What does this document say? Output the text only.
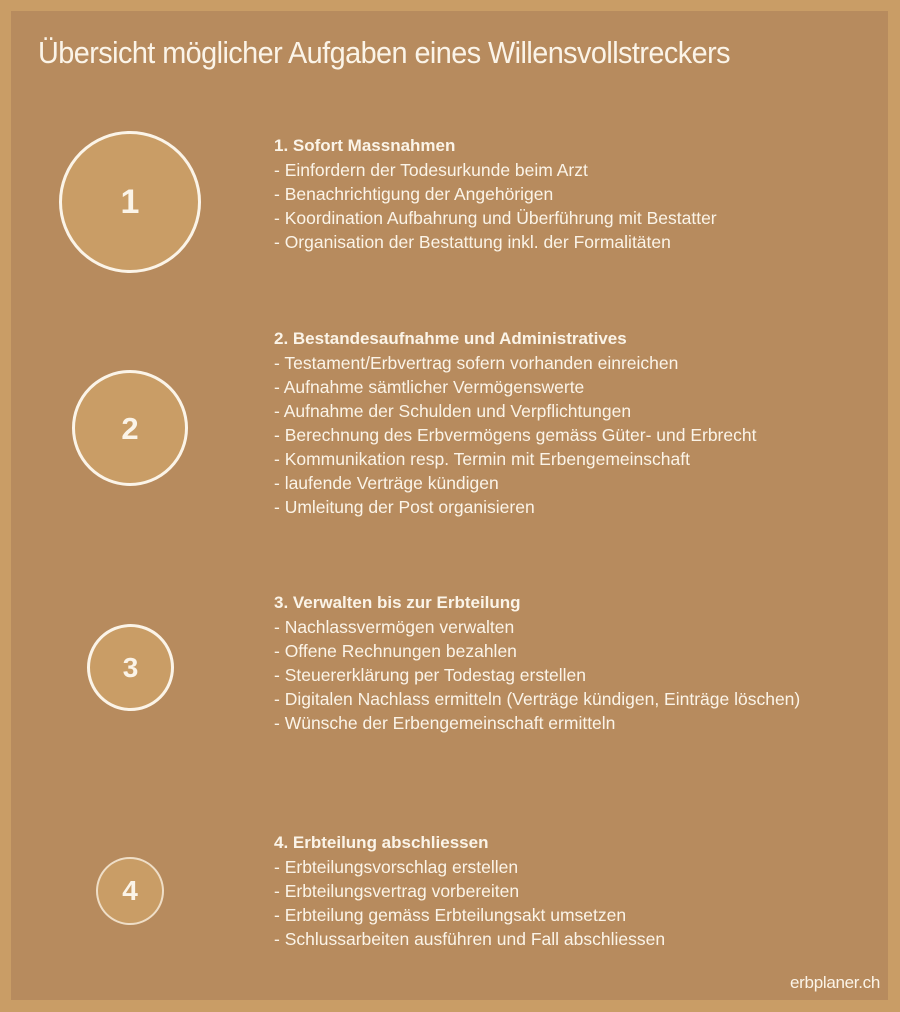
Übersicht möglicher Aufgaben eines Willensvollstreckers
1
1. Sofort Massnahmen
- Einfordern der Todesurkunde beim Arzt
- Benachrichtigung der Angehörigen
- Koordination Aufbahrung und Überführung mit Bestatter
- Organisation der Bestattung inkl. der Formalitäten
2
2. Bestandesaufnahme und Administratives
- Testament/Erbvertrag sofern vorhanden einreichen
- Aufnahme sämtlicher Vermögenswerte
- Aufnahme der Schulden und Verpflichtungen
- Berechnung des Erbvermögens gemäss Güter- und Erbrecht
- Kommunikation resp. Termin mit Erbengemeinschaft
- laufende Verträge kündigen
- Umleitung der Post organisieren
3
3. Verwalten bis zur Erbteilung
- Nachlassvermögen verwalten
- Offene Rechnungen bezahlen
- Steuererklärung per Todestag erstellen
- Digitalen Nachlass ermitteln (Verträge kündigen, Einträge löschen)
- Wünsche der Erbengemeinschaft ermitteln
4
4. Erbteilung abschliessen
- Erbteilungsvorschlag erstellen
- Erbteilungsvertrag vorbereiten
- Erbteilung gemäss Erbteilungsakt umsetzen
- Schlussarbeiten ausführen und Fall abschliessen
erbplaner.ch
